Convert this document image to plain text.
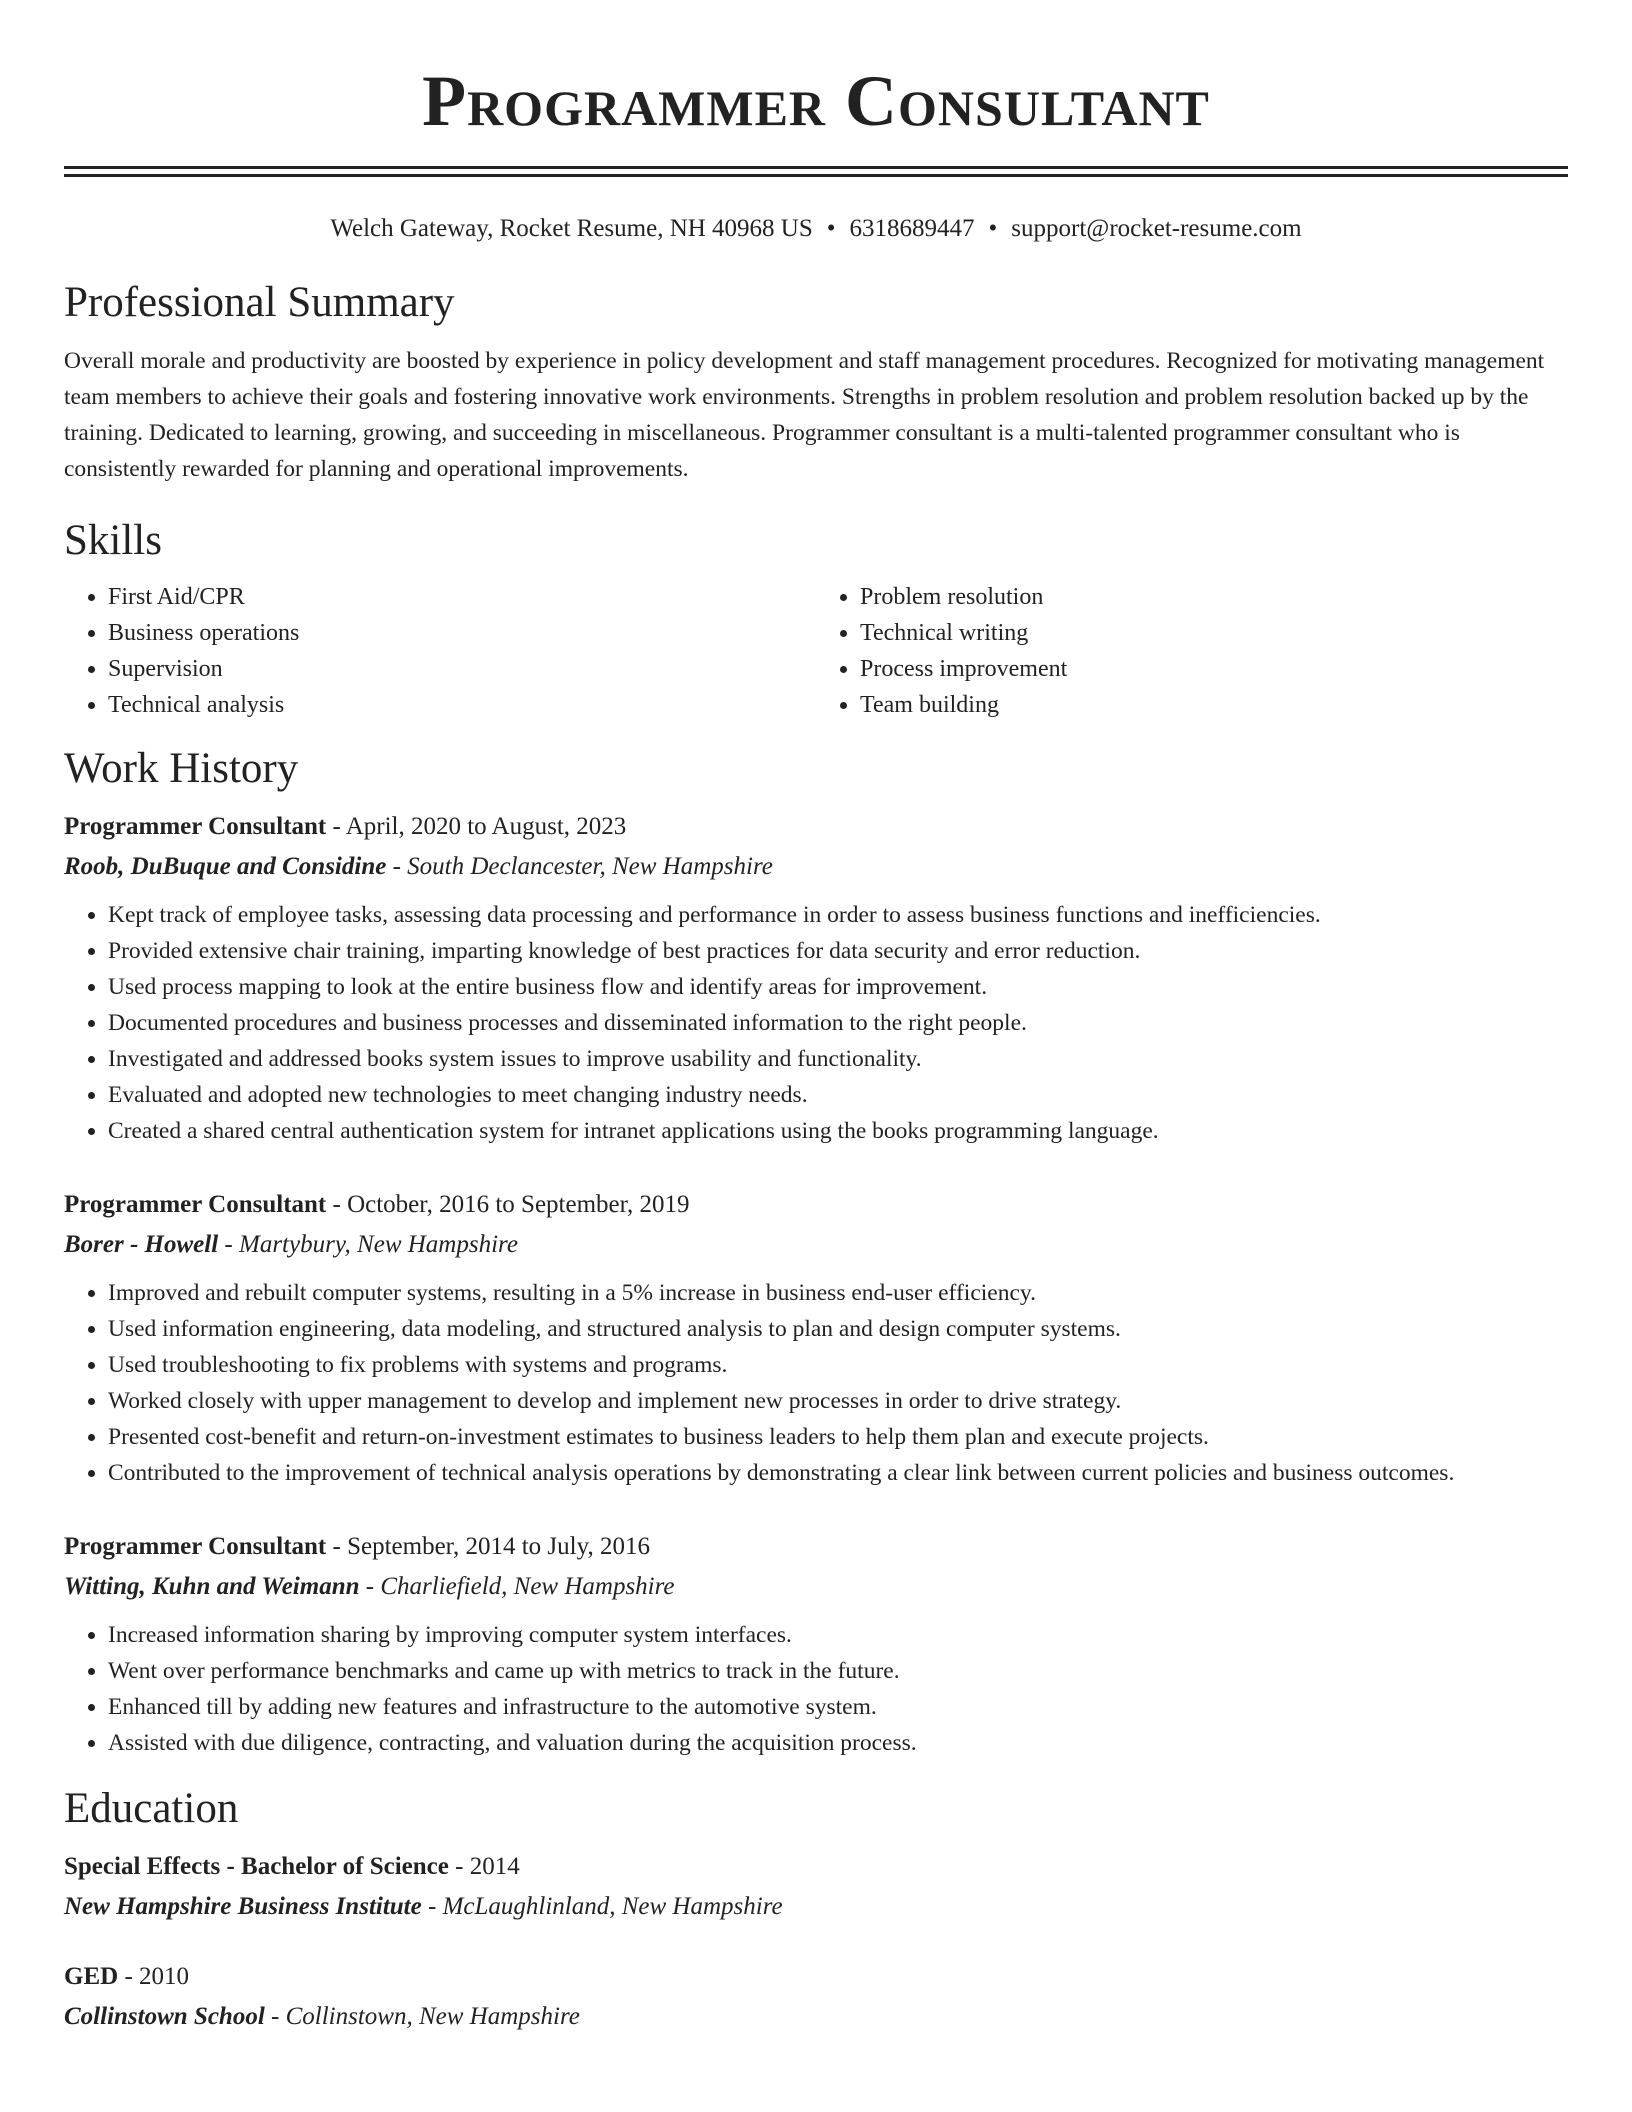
Programmer Consultant
Welch Gateway, Rocket Resume, NH 40968 US • 6318689447 • support@rocket-resume.com
Professional Summary

Overall morale and productivity are boosted by experience in policy development and staff management procedures. Recognized for motivating management team members to achieve their goals and fostering innovative work environments. Strengths in problem resolution and problem resolution backed up by the training. Dedicated to learning, growing, and succeeding in miscellaneous. Programmer consultant is a multi-talented programmer consultant who is consistently rewarded for planning and operational improvements.

Skills
• First Aid/CPR
• Business operations
• Supervision
• Technical analysis
• Problem resolution
• Technical writing
• Process improvement
• Team building
Work History
Programmer Consultant - April, 2020 to August, 2023
Roob, DuBuque and Considine - South Declancester, New Hampshire
• Kept track of employee tasks, assessing data processing and performance in order to assess business functions and inefficiencies.
• Provided extensive chair training, imparting knowledge of best practices for data security and error reduction.
• Used process mapping to look at the entire business flow and identify areas for improvement.
• Documented procedures and business processes and disseminated information to the right people.
• Investigated and addressed books system issues to improve usability and functionality.
• Evaluated and adopted new technologies to meet changing industry needs.
• Created a shared central authentication system for intranet applications using the books programming language.
Programmer Consultant - October, 2016 to September, 2019
Borer - Howell - Martybury, New Hampshire
• Improved and rebuilt computer systems, resulting in a 5% increase in business end-user efficiency.
• Used information engineering, data modeling, and structured analysis to plan and design computer systems.
• Used troubleshooting to fix problems with systems and programs.
• Worked closely with upper management to develop and implement new processes in order to drive strategy.
• Presented cost-benefit and return-on-investment estimates to business leaders to help them plan and execute projects.
• Contributed to the improvement of technical analysis operations by demonstrating a clear link between current policies and business outcomes.
Programmer Consultant - September, 2014 to July, 2016
Witting, Kuhn and Weimann - Charliefield, New Hampshire
• Increased information sharing by improving computer system interfaces.
• Went over performance benchmarks and came up with metrics to track in the future.
• Enhanced till by adding new features and infrastructure to the automotive system.
• Assisted with due diligence, contracting, and valuation during the acquisition process.
Education
Special Effects - Bachelor of Science - 2014
New Hampshire Business Institute - McLaughlinland, New Hampshire
GED - 2010
Collinstown School - Collinstown, New Hampshire
